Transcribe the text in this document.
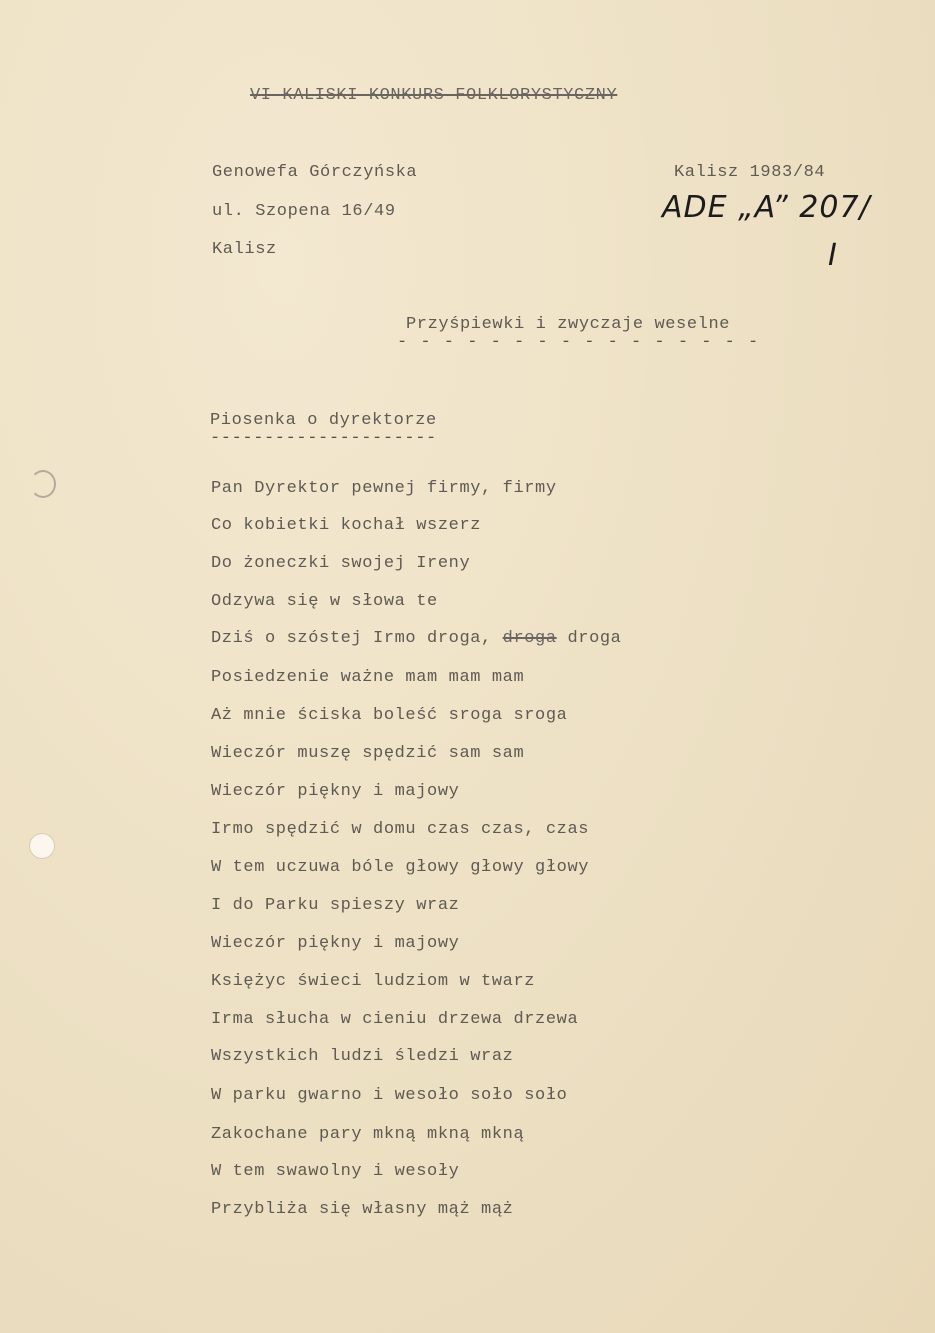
VI KALISKI KONKURS FOLKLORYSTYCZNY
Genowefa Górczyńska
ul. Szopena 16/49
Kalisz
Kalisz 1983/84
ADE „A” 207/
I
Przyśpiewki i zwyczaje weselne
- - - - - - - - - - - - - - - -
Piosenka o dyrektorze
---------------------
Pan Dyrektor pewnej firmy, firmy
Co kobietki kochał wszerz
Do żoneczki swojej Ireny
Odzywa się w słowa te
Dziś o szóstej Irmo droga, droga droga
Posiedzenie ważne mam mam mam
Aż mnie ściska boleść sroga sroga
Wieczór muszę spędzić sam sam
Wieczór piękny i majowy
Irmo spędzić w domu czas czas, czas
W tem uczuwa bóle głowy głowy głowy
I do Parku spieszy wraz
Wieczór piękny i majowy
Księżyc świeci ludziom w twarz
Irma słucha w cieniu drzewa drzewa
Wszystkich ludzi śledzi wraz
W parku gwarno i wesoło soło soło
Zakochane pary mkną mkną mkną
W tem swawolny i wesoły
Przybliża się własny mąż mąż
